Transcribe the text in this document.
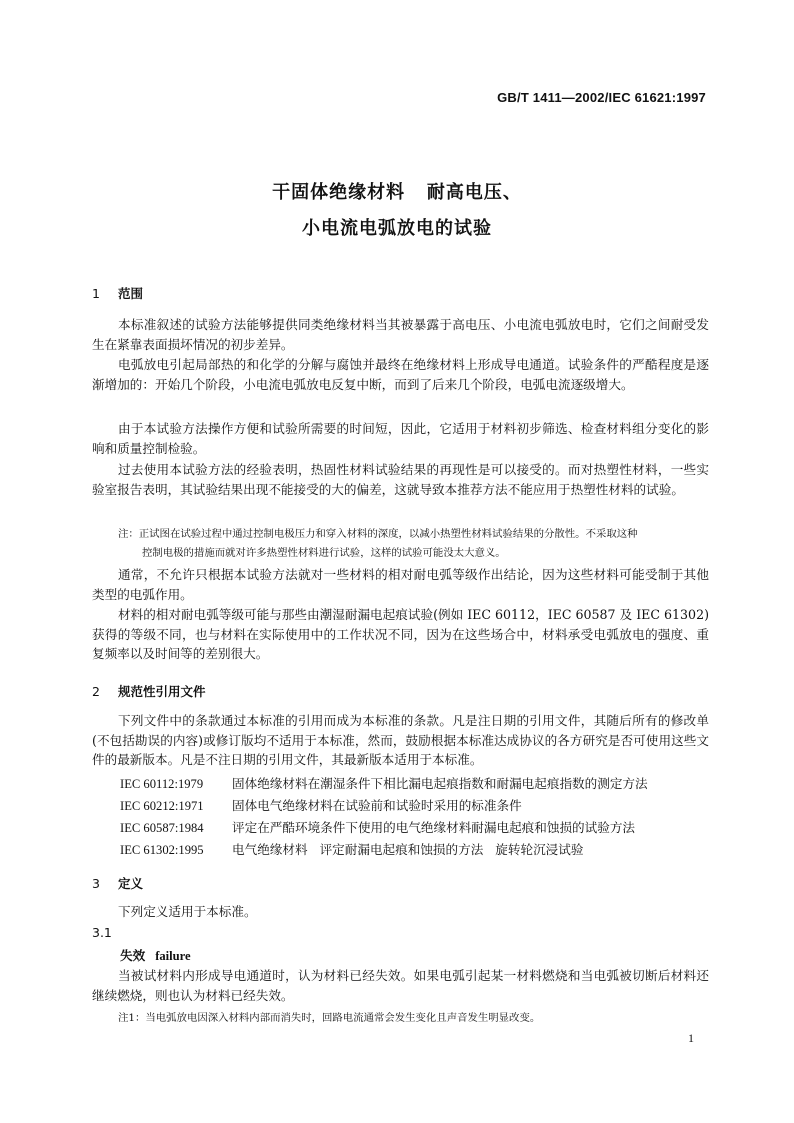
GB/T 1411—2002/IEC 61621:1997
干固体绝缘材料   耐高电压、
小电流电弧放电的试验
1 范围

本标准叙述的试验方法能够提供同类绝缘材料当其被暴露于高电压、小电流电弧放电时，它们之间耐受发生在紧靠表面损坏情况的初步差异。

电弧放电引起局部热的和化学的分解与腐蚀并最终在绝缘材料上形成导电通道。试验条件的严酷程度是逐渐增加的：开始几个阶段，小电流电弧放电反复中断，而到了后来几个阶段，电弧电流逐级增大。

由于本试验方法操作方便和试验所需要的时间短，因此，它适用于材料初步筛选、检查材料组分变化的影响和质量控制检验。

过去使用本试验方法的经验表明，热固性材料试验结果的再现性是可以接受的。而对热塑性材料，一些实验室报告表明，其试验结果出现不能接受的大的偏差，这就导致本推荐方法不能应用于热塑性材料的试验。

注：正试图在试验过程中通过控制电极压力和穿入材料的深度，以减小热塑性材料试验结果的分散性。不采取这种
控制电极的措施而就对许多热塑性材料进行试验，这样的试验可能没太大意义。

通常，不允许只根据本试验方法就对一些材料的相对耐电弧等级作出结论，因为这些材料可能受制于其他类型的电弧作用。

材料的相对耐电弧等级可能与那些由潮湿耐漏电起痕试验(例如 IEC 60112，IEC 60587 及 IEC 61302)获得的等级不同，也与材料在实际使用中的工作状况不同，因为在这些场合中，材料承受电弧放电的强度、重复频率以及时间等的差别很大。

2 规范性引用文件

下列文件中的条款通过本标准的引用而成为本标准的条款。凡是注日期的引用文件，其随后所有的修改单(不包括勘误的内容)或修订版均不适用于本标准，然而，鼓励根据本标准达成协议的各方研究是否可使用这些文件的最新版本。凡是不注日期的引用文件，其最新版本适用于本标准。

IEC 60112:1979 固体绝缘材料在潮湿条件下相比漏电起痕指数和耐漏电起痕指数的测定方法
IEC 60212:1971 固体电气绝缘材料在试验前和试验时采用的标准条件
IEC 60587:1984 评定在严酷环境条件下使用的电气绝缘材料耐漏电起痕和蚀损的试验方法
IEC 61302:1995 电气绝缘材料   评定耐漏电起痕和蚀损的方法   旋转轮沉浸试验
3 定义

下列定义适用于本标准。

3.1
失效 failure

当被试材料内形成导电通道时，认为材料已经失效。如果电弧引起某一材料燃烧和当电弧被切断后材料还继续燃烧，则也认为材料已经失效。

注1：当电弧放电因深入材料内部而消失时，回路电流通常会发生变化且声音发生明显改变。

1
